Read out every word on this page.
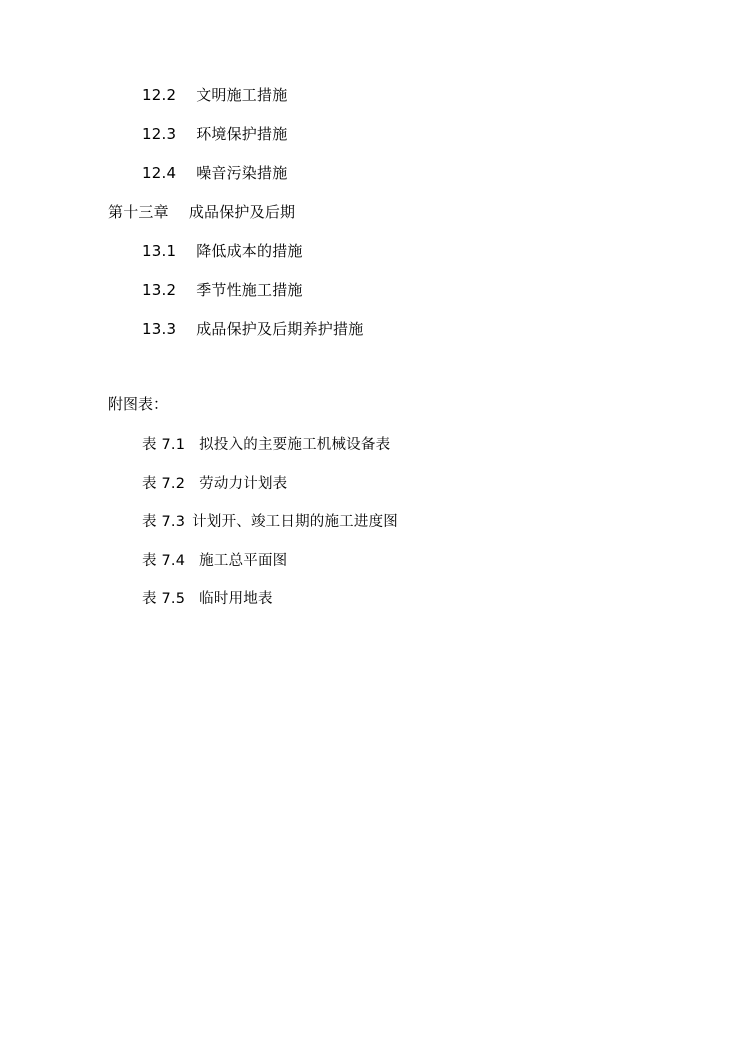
12.2 文明施工措施
12.3 环境保护措施
12.4 噪音污染措施
第十三章 成品保护及后期
13.1 降低成本的措施
13.2 季节性施工措施
13.3 成品保护及后期养护措施
附图表：
表 7.1 拟投入的主要施工机械设备表
表 7.2 劳动力计划表
表 7.3 计划开、竣工日期的施工进度图
表 7.4 施工总平面图
表 7.5 临时用地表
